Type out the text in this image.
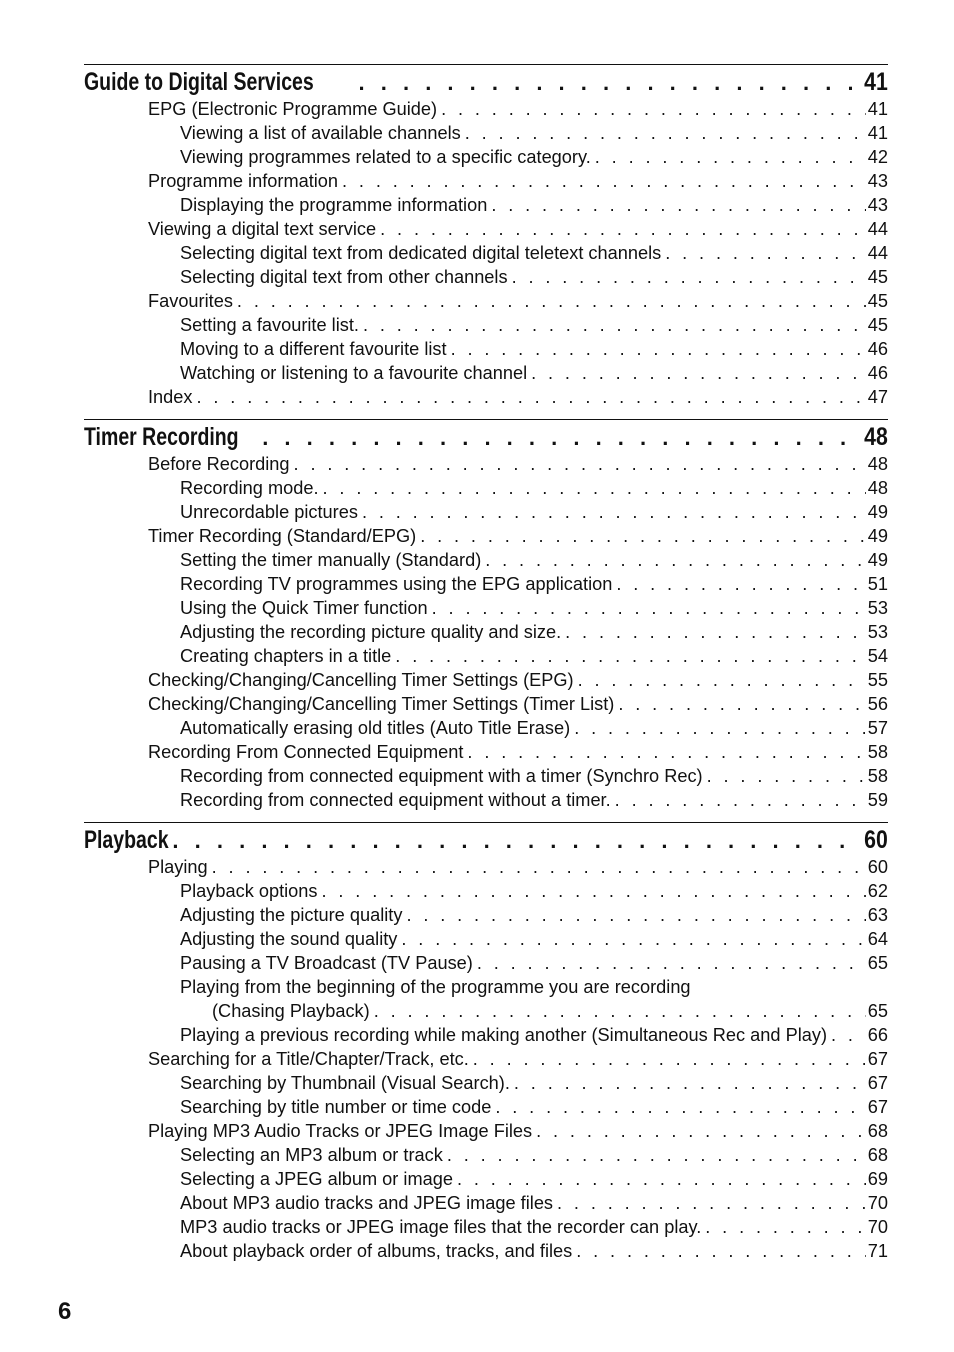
Guide to Digital Services . . .	41
EPG (Electronic Programme Guide) . . .	41
Viewing a list of available channels . . .	41
Viewing programmes related to a specific category. . . .	42
Programme information . . .	43
Displaying the programme information . . .	43
Viewing a digital text service . . .	44
Selecting digital text from dedicated digital teletext channels . . .	44
Selecting digital text from other channels . . .	45
Favourites . . .	45
Setting a favourite list. . . .	45
Moving to a different favourite list . . .	46
Watching or listening to a favourite channel . . .	46
Index . . .	47
Timer Recording . . .	48
Before Recording . . .	48
Recording mode. . . .	48
Unrecordable pictures . . .	49
Timer Recording (Standard/EPG) . . .	49
Setting the timer manually (Standard) . . .	49
Recording TV programmes using the EPG application . . .	51
Using the Quick Timer function . . .	53
Adjusting the recording picture quality and size. . . .	53
Creating chapters in a title . . .	54
Checking/Changing/Cancelling Timer Settings (EPG) . . .	55
Checking/Changing/Cancelling Timer Settings (Timer List) . . .	56
Automatically erasing old titles (Auto Title Erase) . . .	57
Recording From Connected Equipment . . .	58
Recording from connected equipment with a timer (Synchro Rec) . . .	58
Recording from connected equipment without a timer. . . .	59
Playback . . .	60
Playing . . .	60
Playback options . . .	62
Adjusting the picture quality . . .	63
Adjusting the sound quality . . .	64
Pausing a TV Broadcast (TV Pause) . . .	65
Playing from the beginning of the programme you are recording
(Chasing Playback) . . .	65
Playing a previous recording while making another (Simultaneous Rec and Play) . . . 66
Searching for a Title/Chapter/Track, etc. . . .	67
Searching by Thumbnail (Visual Search). . . .	67
Searching by title number or time code . . .	67
Playing MP3 Audio Tracks or JPEG Image Files . . .	68
Selecting an MP3 album or track . . .	68
Selecting a JPEG album or image . . .	69
About MP3 audio tracks and JPEG image files . . .	70
MP3 audio tracks or JPEG image files that the recorder can play. . . .	70
About playback order of albums, tracks, and files . . .	71
6
